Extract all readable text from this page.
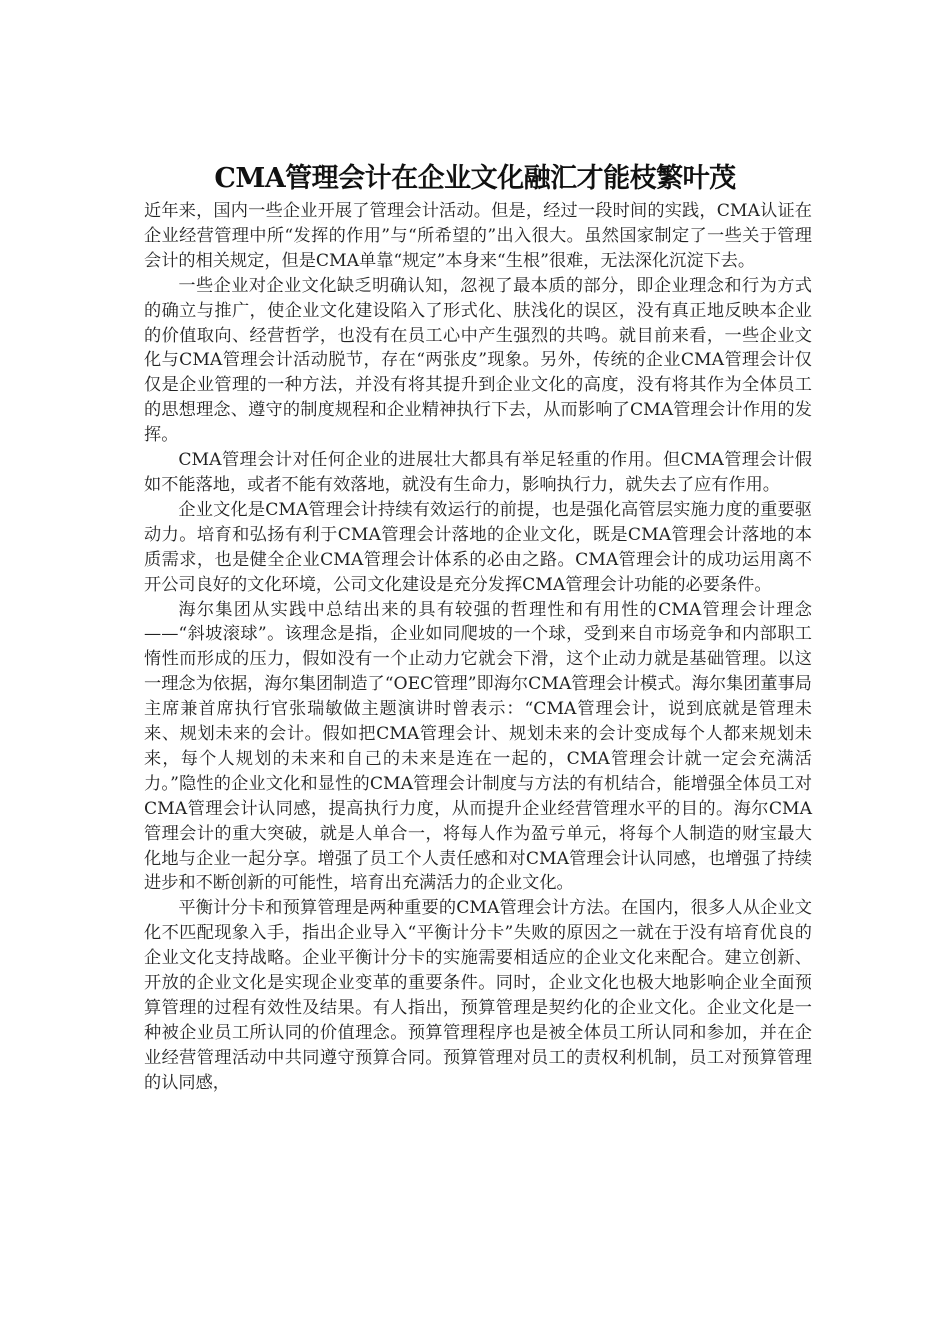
CMA管理会计在企业文化融汇才能枝繁叶茂

近年来，国内一些企业开展了管理会计活动。但是，经过一段时间的实践，CMA认证在企业经营管理中所“发挥的作用”与“所希望的”出入很大。虽然国家制定了一些关于管理会计的相关规定，但是CMA单靠“规定”本身来“生根”很难，无法深化沉淀下去。

一些企业对企业文化缺乏明确认知，忽视了最本质的部分，即企业理念和行为方式的确立与推广，使企业文化建设陷入了形式化、肤浅化的误区，没有真正地反映本企业的价值取向、经营哲学，也没有在员工心中产生强烈的共鸣。就目前来看，一些企业文化与CMA管理会计活动脱节，存在“两张皮”现象。另外，传统的企业CMA管理会计仅仅是企业管理的一种方法，并没有将其提升到企业文化的高度，没有将其作为全体员工的思想理念、遵守的制度规程和企业精神执行下去，从而影响了CMA管理会计作用的发挥。

CMA管理会计对任何企业的进展壮大都具有举足轻重的作用。但CMA管理会计假如不能落地，或者不能有效落地，就没有生命力，影响执行力，就失去了应有作用。

企业文化是CMA管理会计持续有效运行的前提，也是强化高管层实施力度的重要驱动力。培育和弘扬有利于CMA管理会计落地的企业文化，既是CMA管理会计落地的本质需求，也是健全企业CMA管理会计体系的必由之路。CMA管理会计的成功运用离不开公司良好的文化环境，公司文化建设是充分发挥CMA管理会计功能的必要条件。

海尔集团从实践中总结出来的具有较强的哲理性和有用性的CMA管理会计理念——“斜坡滚球”。该理念是指，企业如同爬坡的一个球，受到来自市场竞争和内部职工惰性而形成的压力，假如没有一个止动力它就会下滑，这个止动力就是基础管理。以这一理念为依据，海尔集团制造了“OEC管理”即海尔CMA管理会计模式。海尔集团董事局主席兼首席执行官张瑞敏做主题演讲时曾表示：“CMA管理会计，说到底就是管理未来、规划未来的会计。假如把CMA管理会计、规划未来的会计变成每个人都来规划未来，每个人规划的未来和自己的未来是连在一起的，CMA管理会计就一定会充满活力。”隐性的企业文化和显性的CMA管理会计制度与方法的有机结合，能增强全体员工对CMA管理会计认同感，提高执行力度，从而提升企业经营管理水平的目的。海尔CMA管理会计的重大突破，就是人单合一，将每人作为盈亏单元，将每个人制造的财宝最大化地与企业一起分享。增强了员工个人责任感和对CMA管理会计认同感，也增强了持续进步和不断创新的可能性，培育出充满活力的企业文化。

平衡计分卡和预算管理是两种重要的CMA管理会计方法。在国内，很多人从企业文化不匹配现象入手，指出企业导入“平衡计分卡”失败的原因之一就在于没有培育优良的企业文化支持战略。企业平衡计分卡的实施需要相适应的企业文化来配合。建立创新、开放的企业文化是实现企业变革的重要条件。同时，企业文化也极大地影响企业全面预算管理的过程有效性及结果。有人指出，预算管理是契约化的企业文化。企业文化是一种被企业员工所认同的价值理念。预算管理程序也是被全体员工所认同和参加，并在企业经营管理活动中共同遵守预算合同。预算管理对员工的责权利机制，员工对预算管理的认同感，
